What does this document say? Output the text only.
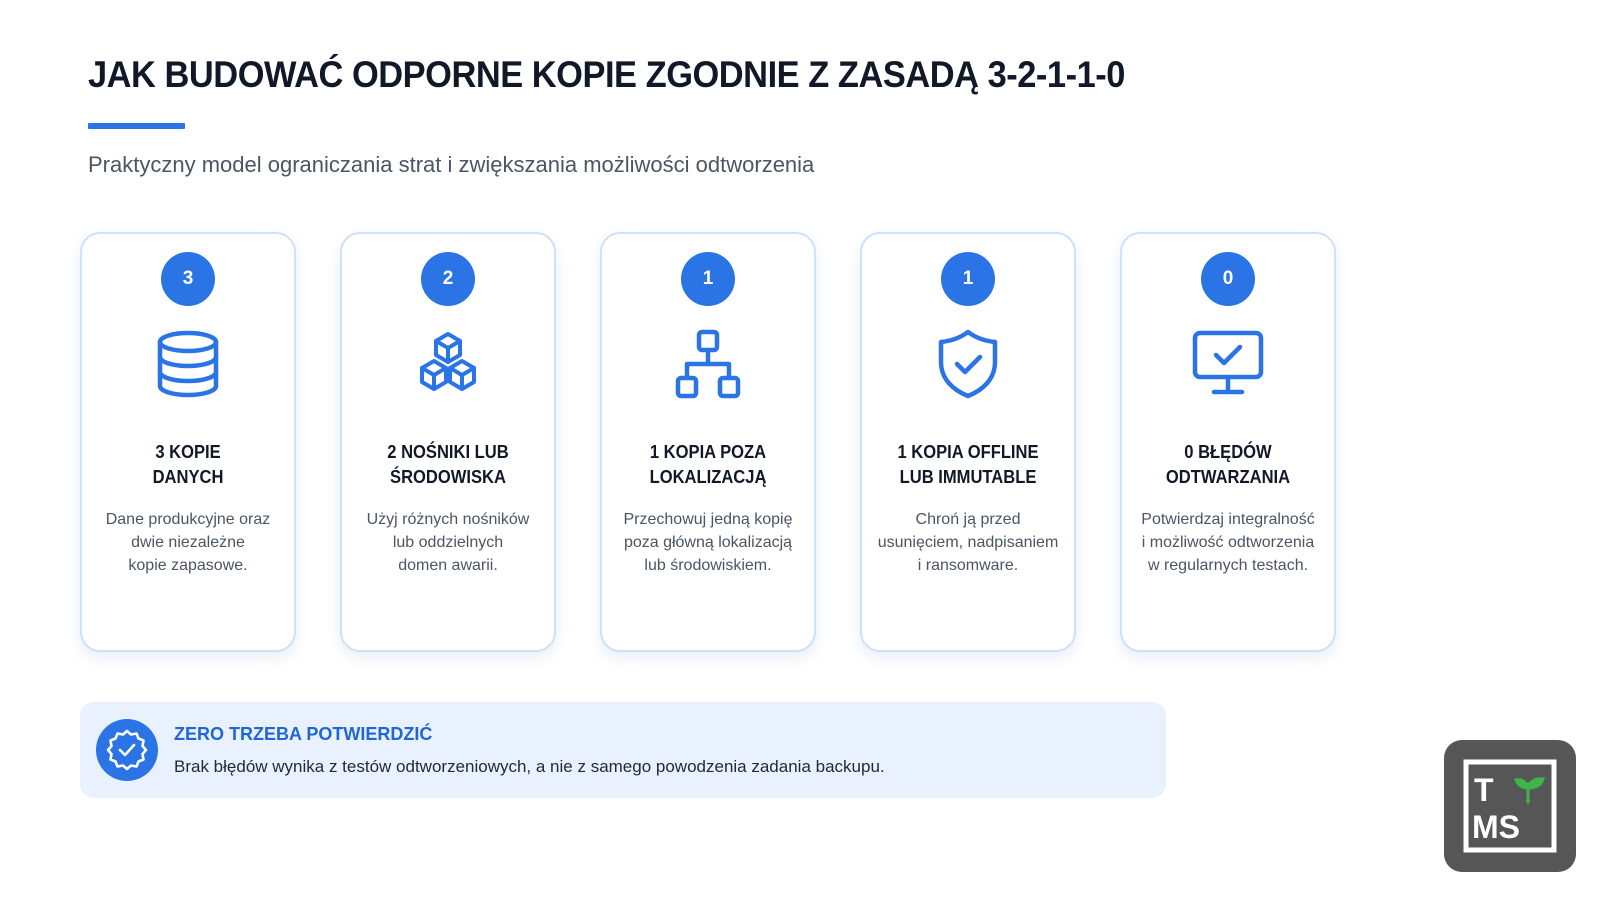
JAK BUDOWAĆ ODPORNE KOPIE ZGODNIE Z ZASADĄ 3-2-1-1-0

Praktyczny model ograniczania strat i zwiększania możliwości odtworzenia

3
3 KOPIE
DANYCH
Dane produkcyjne oraz
dwie niezależne
kopie zapasowe.
2
2 NOŚNIKI LUB
ŚRODOWISKA
Użyj różnych nośników
lub oddzielnych
domen awarii.
1
1 KOPIA POZA
LOKALIZACJĄ
Przechowuj jedną kopię
poza główną lokalizacją
lub środowiskiem.
1
1 KOPIA OFFLINE
LUB IMMUTABLE
Chroń ją przed
usunięciem, nadpisaniem
i ransomware.
0
0 BŁĘDÓW
ODTWARZANIA
Potwierdzaj integralność
i możliwość odtworzenia
w regularnych testach.
ZERO TRZEBA POTWIERDZIĆ
Brak błędów wynika z testów odtworzeniowych, a nie z samego powodzenia zadania backupu.
T
MS
